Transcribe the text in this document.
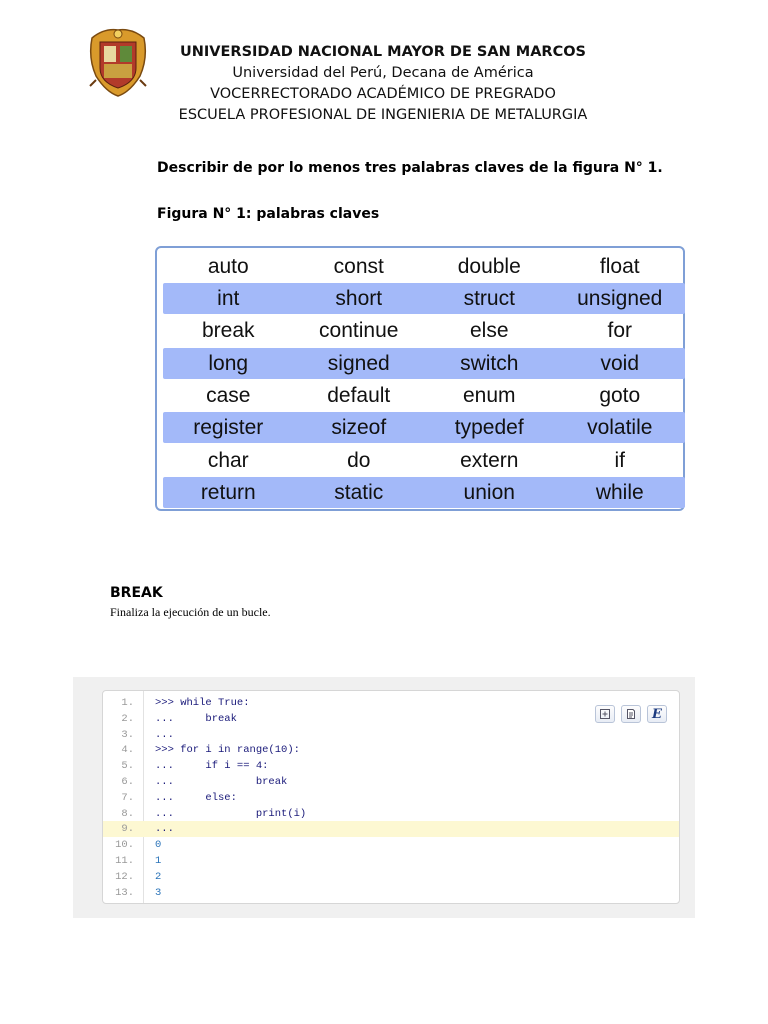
UNIVERSIDAD NACIONAL MAYOR DE SAN MARCOS
Universidad del Perú, Decana de América
VOCERRECTORADO ACADÉMICO DE PREGRADO
ESCUELA PROFESIONAL DE INGENIERIA DE METALURGIA
Describir de por lo menos tres palabras claves de la figura N° 1.
Figura N° 1: palabras claves
auto	const	double	float
int	short	struct	unsigned
break	continue	else	for
long	signed	switch	void
case	default	enum	goto
register	sizeof	typedef	volatile
char	do	extern	if
return	static	union	while
BREAK
Finaliza la ejecución de un bucle.
1. >>> while True:
2. ...     break
3. ...
4. >>> for i in range(10):
5. ...     if i == 4:
6. ...             break
7. ...     else:
8. ...             print(i)
9. ...
10. 0
11. 1
12. 2
13. 3
E
